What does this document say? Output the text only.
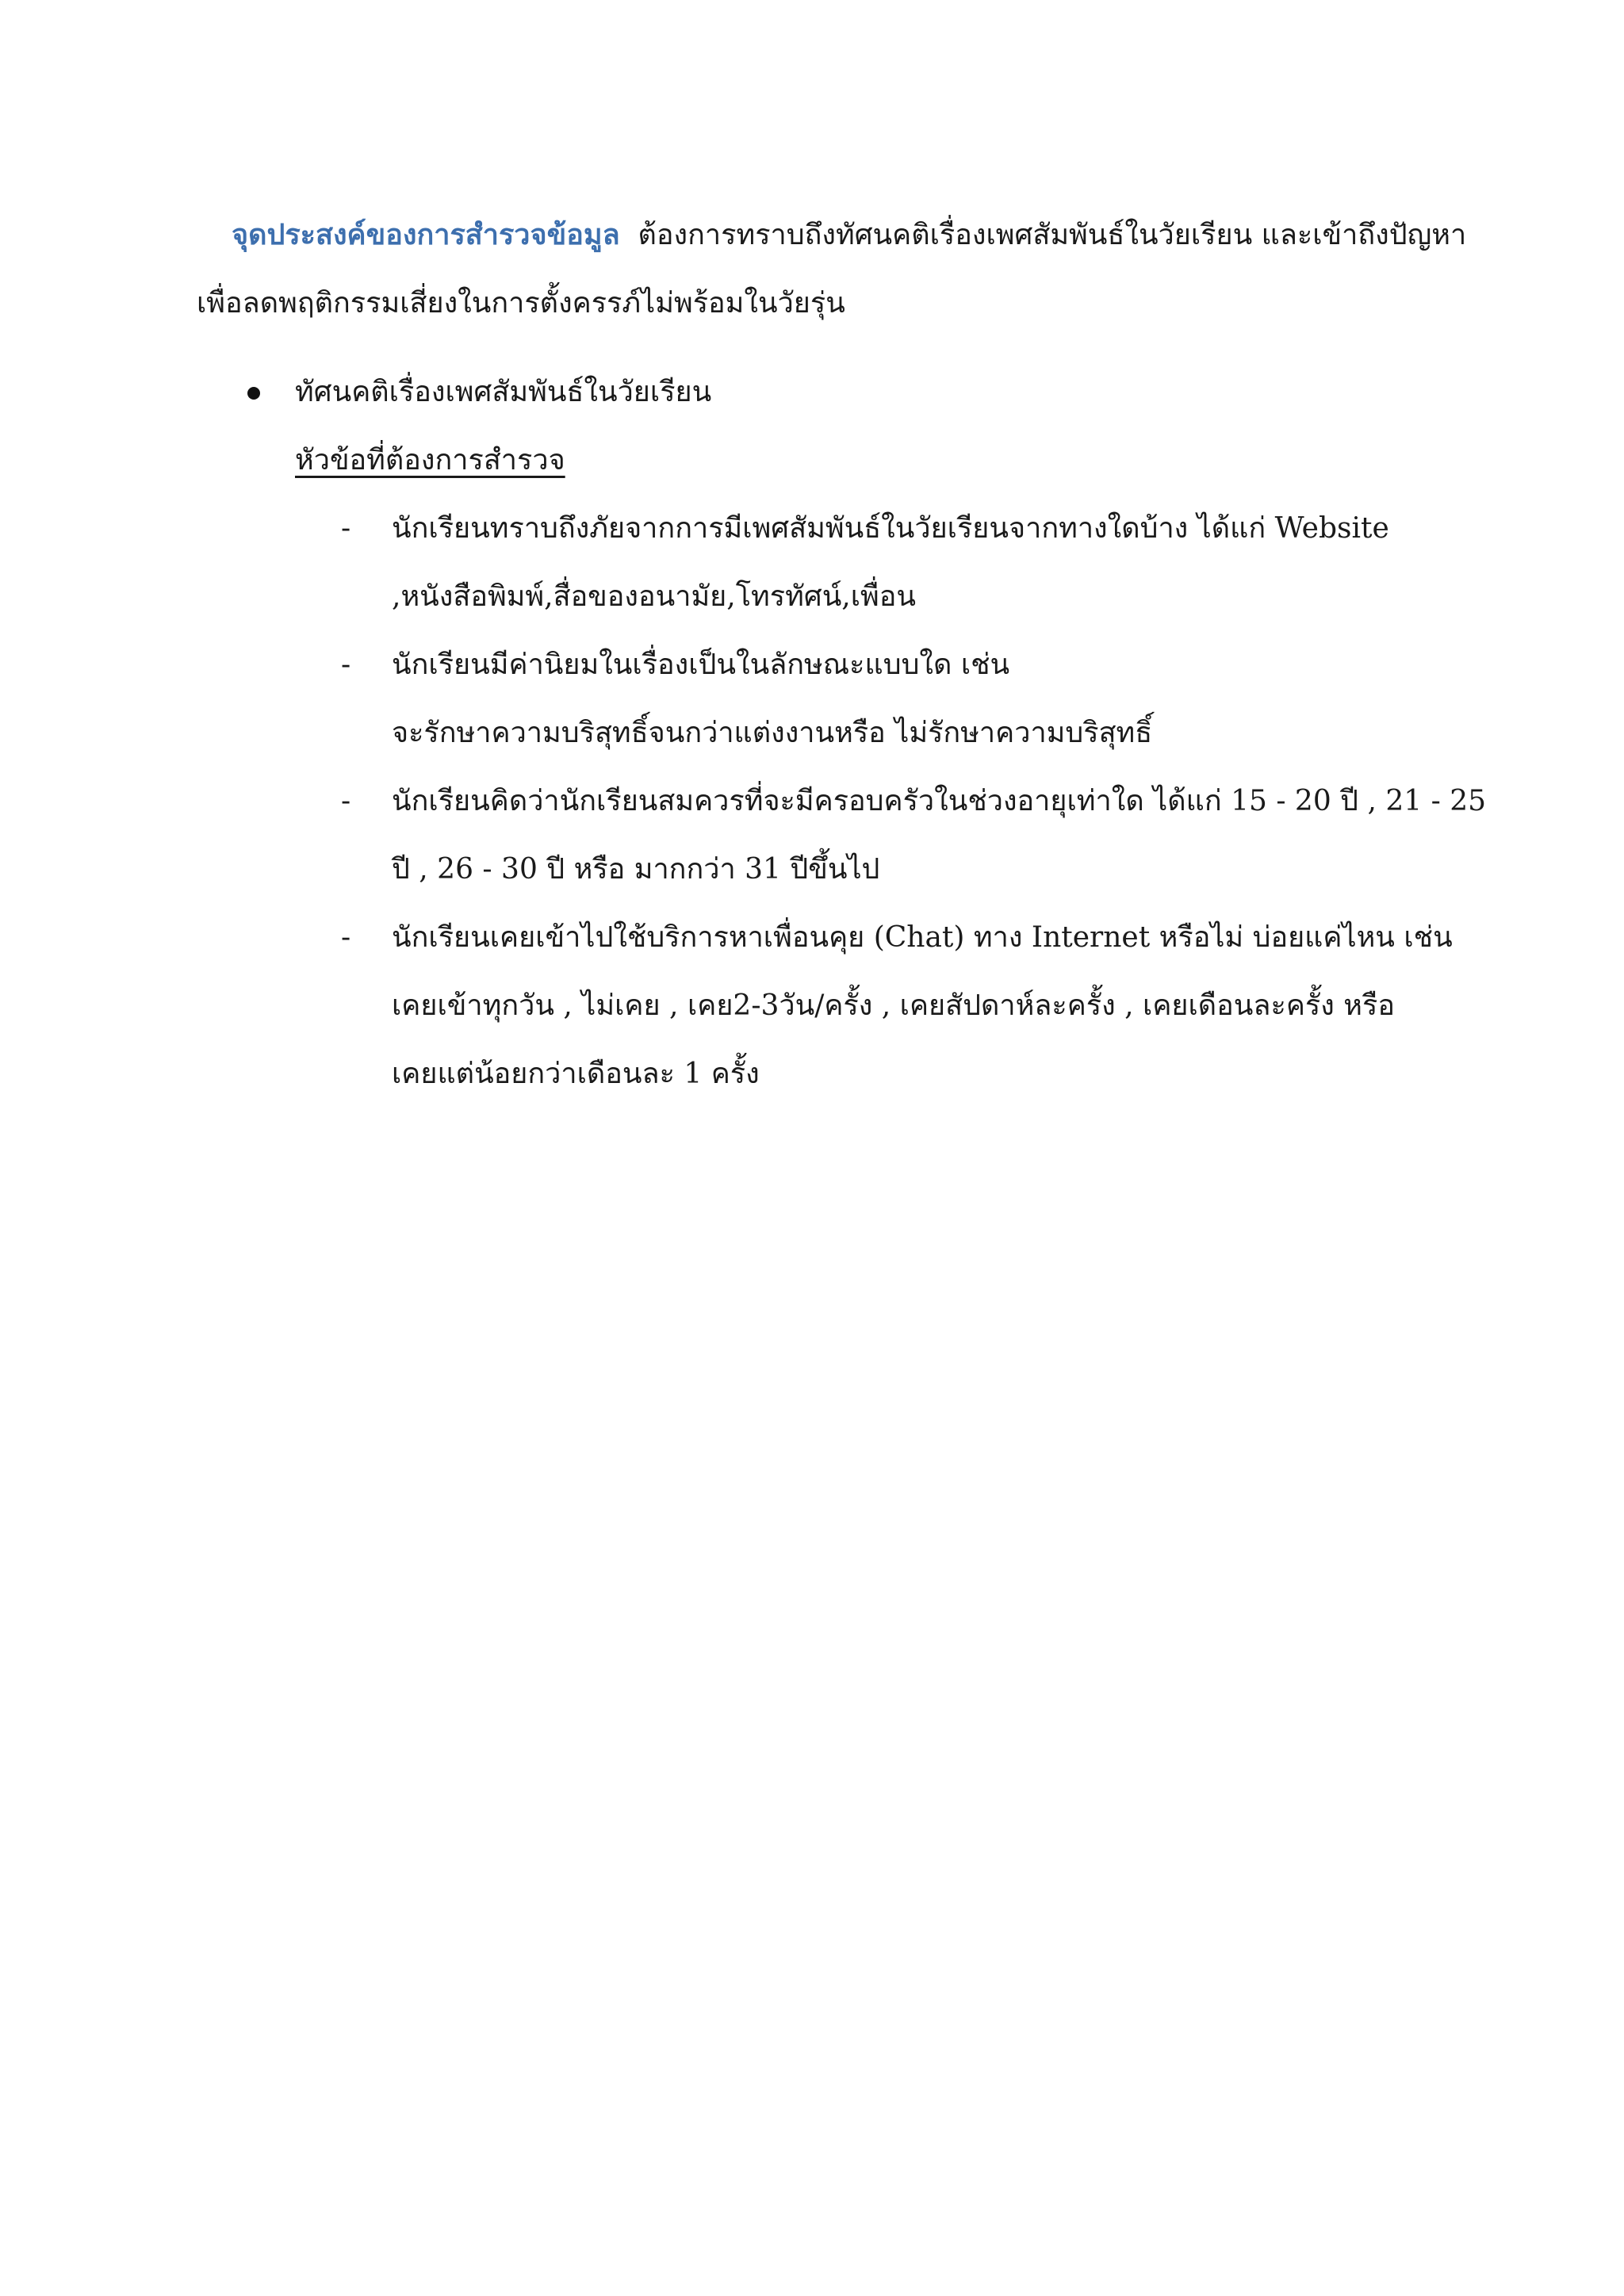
จุดประสงค์ของการสำรวจข้อมูล ต้องการทราบถึงทัศนคติเรื่องเพศสัมพันธ์ในวัยเรียน และเข้าถึงปัญหา
เพื่อลดพฤติกรรมเสี่ยงในการตั้งครรภ์ไม่พร้อมในวัยรุ่น
ทัศนคติเรื่องเพศสัมพันธ์ในวัยเรียน
หัวข้อที่ต้องการสำรวจ
- นักเรียนทราบถึงภัยจากการมีเพศสัมพันธ์ในวัยเรียนจากทางใดบ้าง ได้แก่ Website
,หนังสือพิมพ์,สื่อของอนามัย,โทรทัศน์,เพื่อน
- นักเรียนมีค่านิยมในเรื่องเป็นในลักษณะแบบใด เช่น
จะรักษาความบริสุทธิ์จนกว่าแต่งงานหรือ ไม่รักษาความบริสุทธิ์
- นักเรียนคิดว่านักเรียนสมควรที่จะมีครอบครัวในช่วงอายุเท่าใด ได้แก่ 15 - 20 ปี , 21 - 25
ปี , 26 - 30 ปี หรือ มากกว่า 31 ปีขึ้นไป
- นักเรียนเคยเข้าไปใช้บริการหาเพื่อนคุย (Chat) ทาง Internet หรือไม่ บ่อยแค่ไหน เช่น
เคยเข้าทุกวัน , ไม่เคย , เคย2-3วัน/ครั้ง , เคยสัปดาห์ละครั้ง , เคยเดือนละครั้ง หรือ
เคยแต่น้อยกว่าเดือนละ 1 ครั้ง
